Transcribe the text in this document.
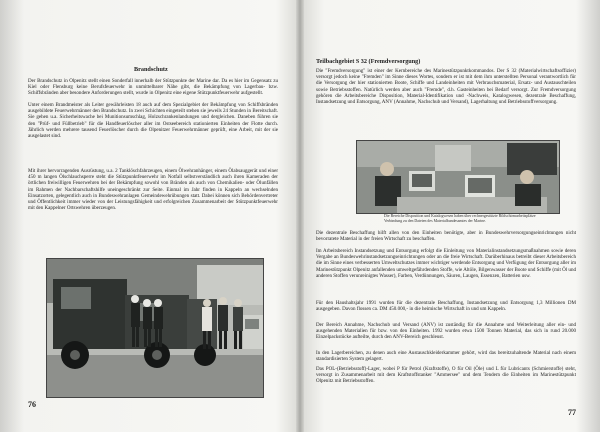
Brandschutz

Der Brandschutz in Olpenitz stellt einen Sonderfall innerhalb der Stützpunkte der Marine dar. Da es hier im Gegensatz zu Kiel oder Flensburg keine Berufsfeuerwehr in unmittelbarer Nähe gibt, die Bekämpfung von Lagerbau- bzw. Schiffsbränden aber besondere Anforderungen stellt, wurde in Olpenitz eine eigene Stützpunktfeuerwehr aufgestellt.

Unter einem Brandmeister als Leiter gewährleisten 18 auch auf dem Spezialgebiet der Bekämpfung von Schiffsbränden ausgebildete Feuerwehrmänner den Brandschutz. In zwei Schichten eingeteilt stehen sie jeweils 24 Stunden in Bereitschaft. Sie gehen u.a. Sicherheitswache bei Munitionsumschlag, Holzschrankenlandungen und dergleichen. Daneben führen sie den "Prüf- und Füllbetrieb" für die Handfeuerlöscher aller im Ostseebereich stationierten Einheiten der Flotte durch. Jährlich werden mehrere tausend Feuerlöscher durch die Olpenitzer Feuerwehrmänner geprüft, eine Arbeit, mit der sie ausgelastet sind.

Mit ihrer hervorragenden Ausrüstung, u.a. 2 Tanklöschfahrzeugen, einem Ölwehranhänger, einem Ölabsauggerät und einer 450 m langen Ölschlauchsperre steht die Stützpunktfeuerwehr im Notfall selbstverständlich auch ihren Kameraden der örtlichen freiwilligen Feuerwehren bei der Bekämpfung sowohl von Bränden als auch von Chemikalien- oder Ölunfällen im Rahmen der Nachbarschaftshilfe uneingeschränkt zur Seite. Einmal im Jahr finden in Kappeln an wechselnden Einsatzorten, gelegentlich auch in Bundeswehranlagen Gemeindewehrübungen statt. Dabei können sich Behördenvertreter und Öffentlichkeit immer wieder von der Leistungsfähigkeit und erfolgreichen Zusammenarbeit der Stützpunktfeuerwehr mit den Kappelner Ortswehren überzeugen.

76
Teilbachgebiet S 32 (Fremdversorgung)

Die "Fremdversorgung" ist einer der Kernbereiche des Marinestützpunktkommandos. Der S 32 (Materialwirtschaftsoffizier) versorgt jedoch keine "Fremden" im Sinne dieses Wortes, sondern er ist mit dem ihm unterstellten Personal verantwortlich für die Versorgung der hier stationierten Boote, Schiffe und Landeinheiten mit Verbrauchsmaterial, Ersatz- und Austauschteilen sowie Betriebsstoffen. Natürlich werden aber auch "Fremde", d.h. Gasteinheiten bei Bedarf versorgt. Zur Fremdversorgung gehören die Arbeitsbereiche Disposition, Material-Identifikation und -Nachweis, Katalogwesen, dezentrale Beschaffung, Instandsetzung und Entsorgung, ANV (Annahme, Nachschub und Versand), Lagerhaltung und Betriebsstoffversorgung.

Die Bereiche Disposition und Katalogwesen haben über rechnergestützte Bildschirmarbeitsplätze Verbindung zu den Dateien des Materialbundesamtes der Marine.

Die dezentrale Beschaffung hilft allen von den Einheiten benötigte, aber in Bundeswehrversorgungseinrichtungen nicht bevorratete Material in der freien Wirtschaft zu beschaffen.

Im Arbeitsbereich Instandsetzung und Entsorgung erfolgt die Einleitung von Materialinstandsetzungsmaßnahmen sowie deren Vergabe an Bundeswehrinstandsetzungseinrichtungen oder an die freie Wirtschaft. Darüberhinaus betreibt dieser Arbeitsbereich die im Sinne eines verbesserten Umweltschutzes immer wichtiger werdende Entsorgung und Verfügung der Entsorgung aller im Marinestützpunkt Olpenitz anfallenden umweltgefährdenden Stoffe, wie Altöle, Bilgenwasser der Boote und Schiffe (mit Öl und anderen Stoffen verunreinigtes Wasser), Farben, Verdünnungen, Säuren, Laugen, Essenzen, Batterien usw.

Für den Haushaltsjahr 1991 wurden für die dezentrale Beschaffung, Instandsetzung und Entsorgung 1,3 Millionen DM ausgegeben. Davon flossen ca. DM 450.000,- in die heimische Wirtschaft in und um Kappeln.

Der Bereich Annahme, Nachschub und Versand (ANV) ist zuständig für die Annahme und Weiterleitung aller ein- und ausgehenden Materialien für bzw. von den Einheiten. 1992 wurden etwa 1500 Tonnen Material, das sich in rund 20.000 Einzelpackstücke aufteilte, durch den ANV-Bereich geschleust.

In den Lagerbereichen, zu denen auch eine Austauschkleiderkammer gehört, wird das bereitzuhaltende Material nach einem standardisierten System gelagert.

Das POL-(Betriebsstoff)-Lager, wobei P für Petrol (Kraftstoffe), O für Oil (Öle) und L für Lubricants (Schmierstoffe) steht, versorgt in Zusammenarbeit mit dem Kraftstoffstanker "Ammersee" und dem Tendern die Einheiten im Marinestützpunkt Olpenitz mit Betriebsstoffen.

77
